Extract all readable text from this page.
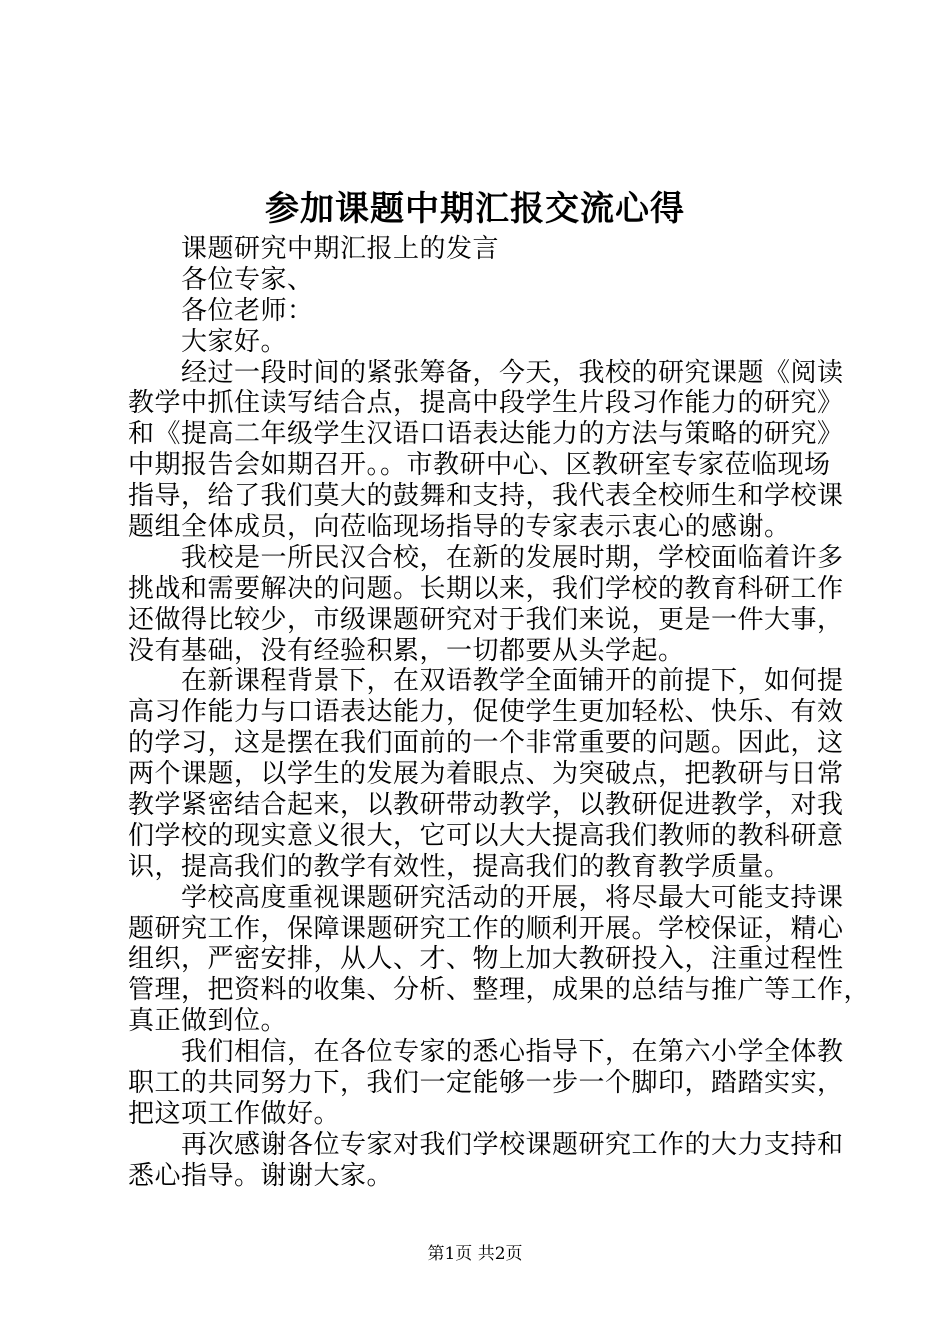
参加课题中期汇报交流心得
课题研究中期汇报上的发言
各位专家、
各位老师：
大家好。
经过一段时间的紧张筹备，今天，我校的研究课题《阅读
教学中抓住读写结合点，提高中段学生片段习作能力的研究》
和《提高二年级学生汉语口语表达能力的方法与策略的研究》
中期报告会如期召开。。市教研中心、区教研室专家莅临现场
指导，给了我们莫大的鼓舞和支持，我代表全校师生和学校课
题组全体成员，向莅临现场指导的专家表示衷心的感谢。
我校是一所民汉合校，在新的发展时期，学校面临着许多
挑战和需要解决的问题。长期以来，我们学校的教育科研工作
还做得比较少，市级课题研究对于我们来说，更是一件大事，
没有基础，没有经验积累，一切都要从头学起。
在新课程背景下，在双语教学全面铺开的前提下，如何提
高习作能力与口语表达能力，促使学生更加轻松、快乐、有效
的学习，这是摆在我们面前的一个非常重要的问题。因此，这
两个课题，以学生的发展为着眼点、为突破点，把教研与日常
教学紧密结合起来，以教研带动教学，以教研促进教学，对我
们学校的现实意义很大，它可以大大提高我们教师的教科研意
识，提高我们的教学有效性，提高我们的教育教学质量。
学校高度重视课题研究活动的开展，将尽最大可能支持课
题研究工作，保障课题研究工作的顺利开展。学校保证，精心
组织，严密安排，从人、才、物上加大教研投入，注重过程性
管理，把资料的收集、分析、整理，成果的总结与推广等工作，
真正做到位。
我们相信，在各位专家的悉心指导下，在第六小学全体教
职工的共同努力下，我们一定能够一步一个脚印，踏踏实实，
把这项工作做好。
再次感谢各位专家对我们学校课题研究工作的大力支持和
悉心指导。谢谢大家。
第1页 共2页
